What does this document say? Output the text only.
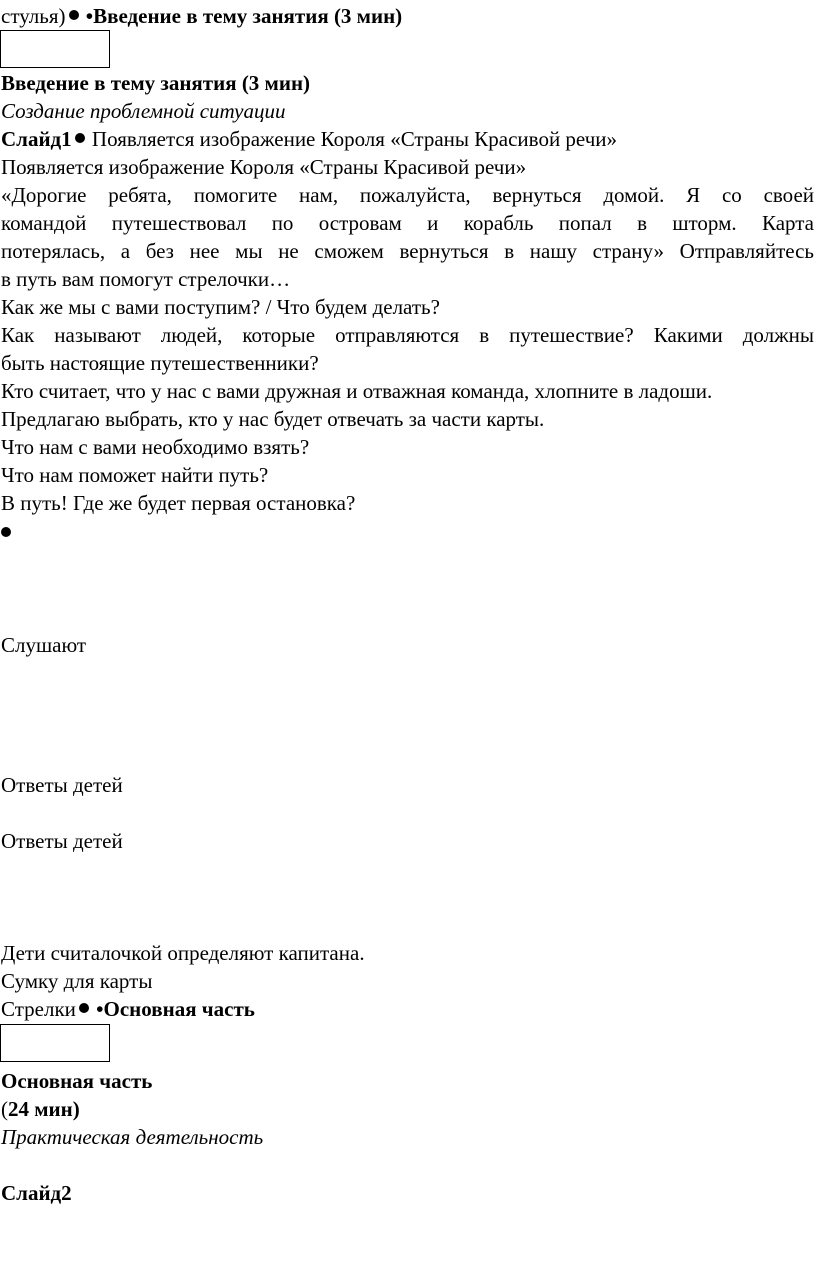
стулья) •Введение в тему занятия (3 мин)
Введение в тему занятия (3 мин)
Создание проблемной ситуации
Слайд1 Появляется изображение Короля «Страны Красивой речи»
Появляется изображение Короля «Страны Красивой речи»
«Дорогие ребята, помогите нам, пожалуйста, вернуться домой. Я со своей
командой путешествовал по островам и корабль попал в шторм. Карта
потерялась, а без нее мы не сможем вернуться в нашу страну» Отправляйтесь
в путь вам помогут стрелочки…
Как же мы с вами поступим? / Что будем делать?
Как называют людей, которые отправляются в путешествие? Какими должны
быть настоящие путешественники?
Кто считает, что у нас с вами дружная и отважная команда, хлопните в ладоши.
Предлагаю выбрать, кто у нас будет отвечать за части карты.
Что нам с вами необходимо взять?
Что нам поможет найти путь?
В путь! Где же будет первая остановка?
Слушают
Ответы детей
Ответы детей
Дети считалочкой определяют капитана.
Сумку для карты
Стрелки •Основная часть
Основная часть
(24 мин)
Практическая деятельность
Слайд2
